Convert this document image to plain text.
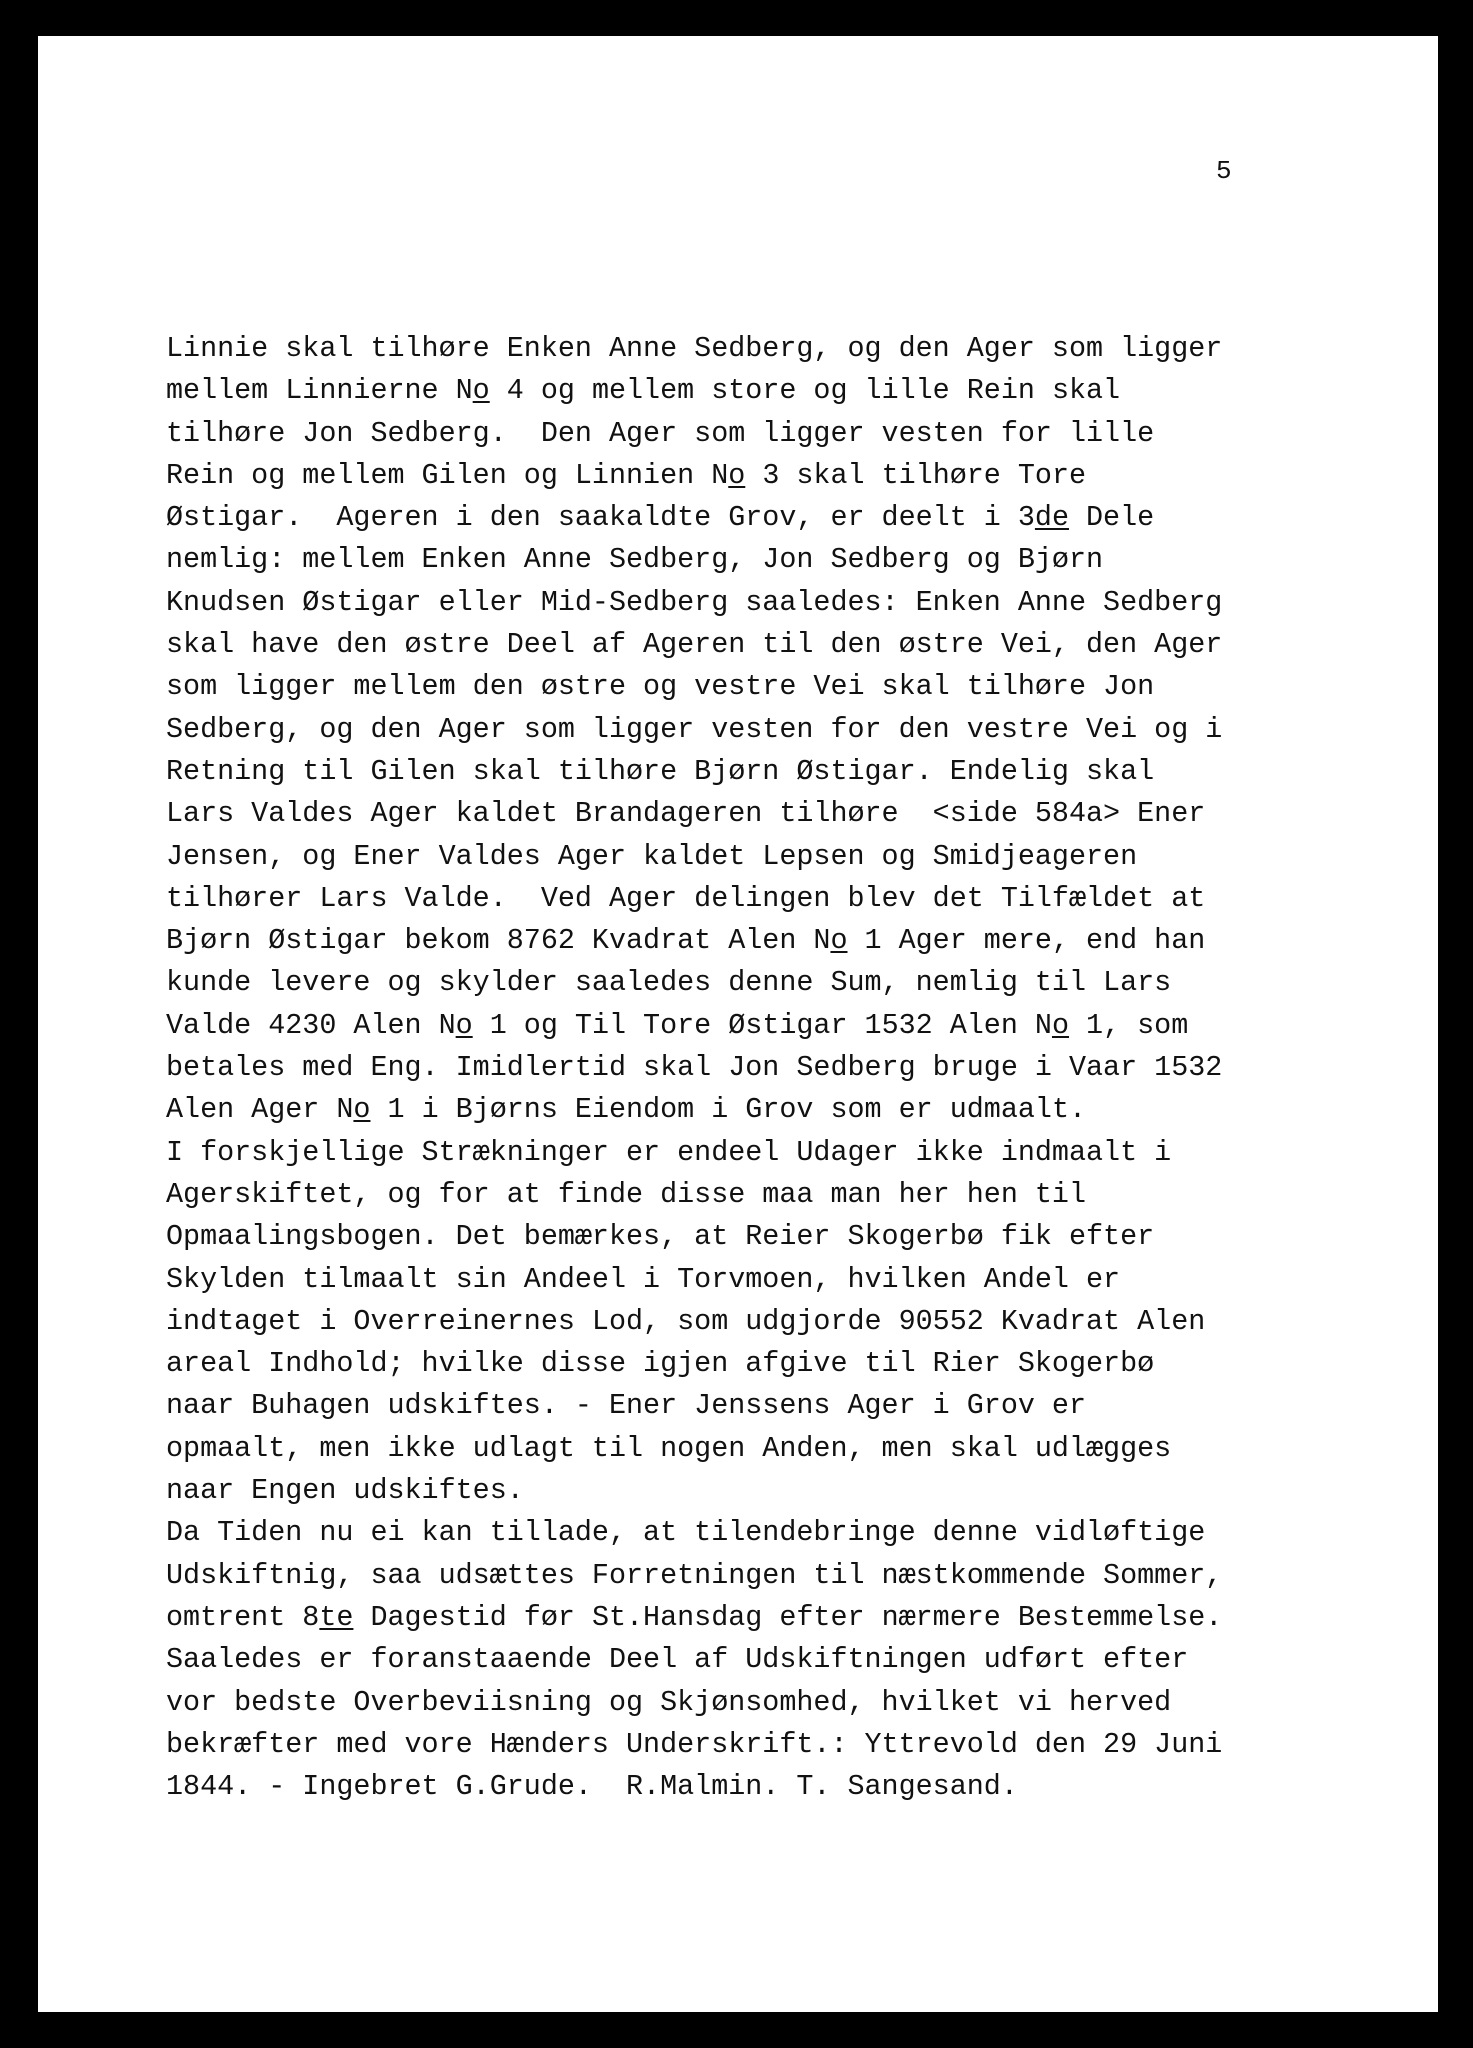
5
Linnie skal tilhøre Enken Anne Sedberg, og den Ager som ligger
mellem Linnierne No 4 og mellem store og lille Rein skal
tilhøre Jon Sedberg.  Den Ager som ligger vesten for lille
Rein og mellem Gilen og Linnien No 3 skal tilhøre Tore
Østigar.  Ageren i den saakaldte Grov, er deelt i 3de Dele
nemlig: mellem Enken Anne Sedberg, Jon Sedberg og Bjørn
Knudsen Østigar eller Mid-Sedberg saaledes: Enken Anne Sedberg
skal have den østre Deel af Ageren til den østre Vei, den Ager
som ligger mellem den østre og vestre Vei skal tilhøre Jon
Sedberg, og den Ager som ligger vesten for den vestre Vei og i
Retning til Gilen skal tilhøre Bjørn Østigar. Endelig skal
Lars Valdes Ager kaldet Brandageren tilhøre  <side 584a> Ener
Jensen, og Ener Valdes Ager kaldet Lepsen og Smidjeageren
tilhører Lars Valde.  Ved Ager delingen blev det Tilfældet at
Bjørn Østigar bekom 8762 Kvadrat Alen No 1 Ager mere, end han
kunde levere og skylder saaledes denne Sum, nemlig til Lars
Valde 4230 Alen No 1 og Til Tore Østigar 1532 Alen No 1, som
betales med Eng. Imidlertid skal Jon Sedberg bruge i Vaar 1532
Alen Ager No 1 i Bjørns Eiendom i Grov som er udmaalt.
I forskjellige Strækninger er endeel Udager ikke indmaalt i
Agerskiftet, og for at finde disse maa man her hen til
Opmaalingsbogen. Det bemærkes, at Reier Skogerbø fik efter
Skylden tilmaalt sin Andeel i Torvmoen, hvilken Andel er
indtaget i Overreinernes Lod, som udgjorde 90552 Kvadrat Alen
areal Indhold; hvilke disse igjen afgive til Rier Skogerbø
naar Buhagen udskiftes. - Ener Jenssens Ager i Grov er
opmaalt, men ikke udlagt til nogen Anden, men skal udlægges
naar Engen udskiftes.
Da Tiden nu ei kan tillade, at tilendebringe denne vidløftige
Udskiftnig, saa udsættes Forretningen til næstkommende Sommer,
omtrent 8te Dagestid før St.Hansdag efter nærmere Bestemmelse.
Saaledes er foranstaaende Deel af Udskiftningen udført efter
vor bedste Overbeviisning og Skjønsomhed, hvilket vi herved
bekræfter med vore Hænders Underskrift.: Yttrevold den 29 Juni
1844. - Ingebret G.Grude.  R.Malmin. T. Sangesand.
